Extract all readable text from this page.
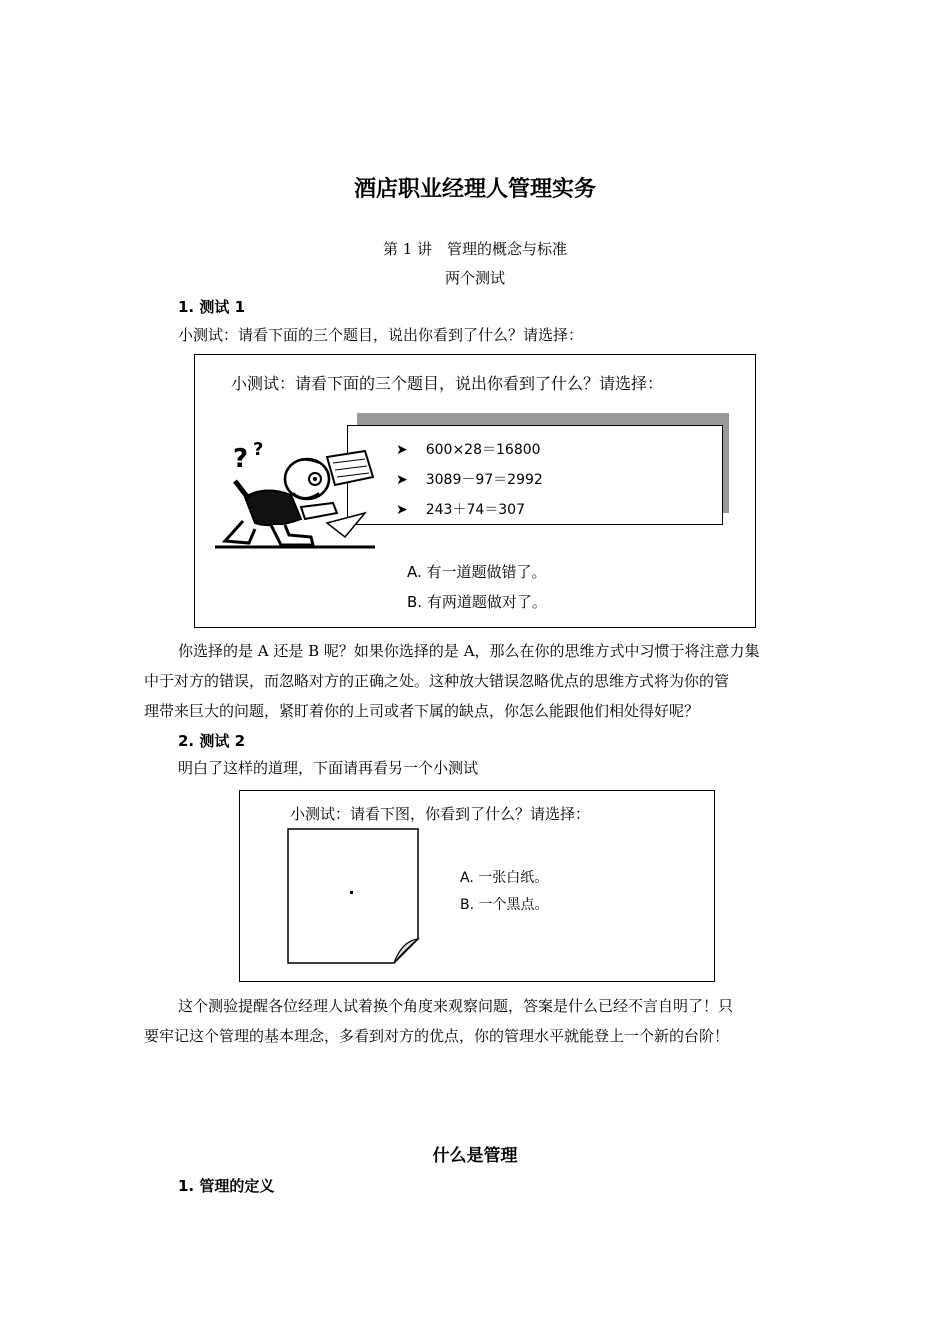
酒店职业经理人管理实务
第 1 讲　管理的概念与标准
两个测试
1. 测试 1
小测试：请看下面的三个题目，说出你看到了什么？请选择：
小测试：请看下面的三个题目，说出你看到了什么？请选择：
➤ 600×28＝16800
➤ 3089－97＝2992
➤ 243＋74＝307
? ?
A. 有一道题做错了。
B. 有两道题做对了。
你选择的是 A 还是 B 呢？如果你选择的是 A，那么在你的思维方式中习惯于将注意力集
中于对方的错误，而忽略对方的正确之处。这种放大错误忽略优点的思维方式将为你的管
理带来巨大的问题，紧盯着你的上司或者下属的缺点，你怎么能跟他们相处得好呢？
2. 测试 2
明白了这样的道理，下面请再看另一个小测试
小测试：请看下图，你看到了什么？请选择：
A. 一张白纸。
B. 一个黑点。
这个测验提醒各位经理人试着换个角度来观察问题，答案是什么已经不言自明了！只
要牢记这个管理的基本理念，多看到对方的优点，你的管理水平就能登上一个新的台阶！
什么是管理
1. 管理的定义
